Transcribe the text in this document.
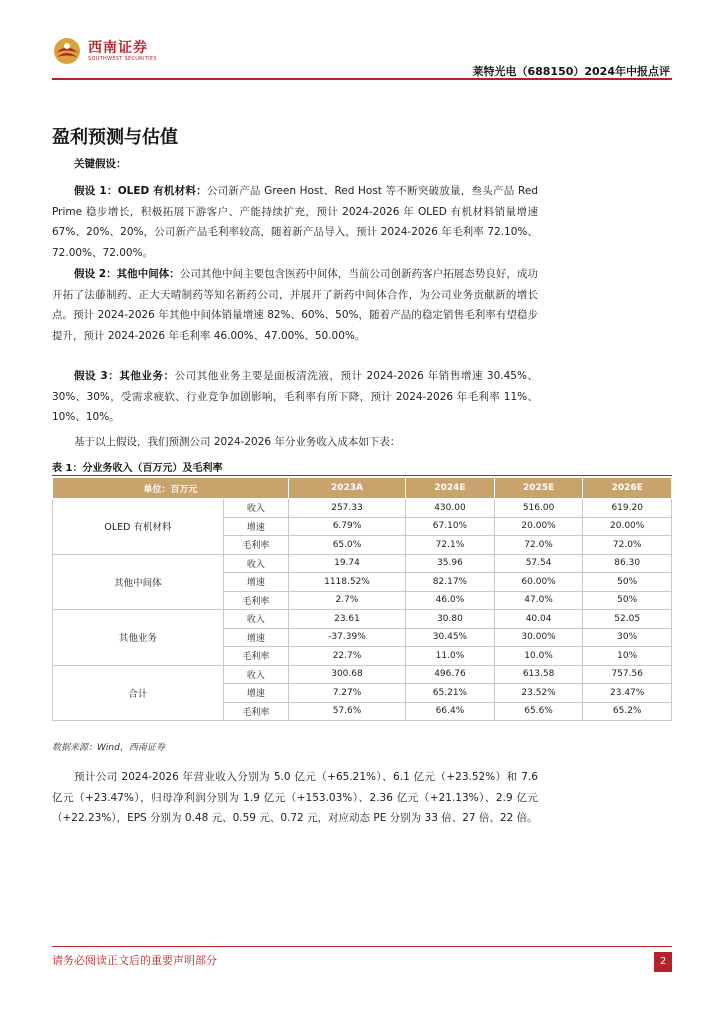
西南证券
SOUTHWEST SECURITIES
莱特光电（688150）2024年中报点评
盈利预测与估值
关键假设：
假设 1：OLED 有机材料：公司新产品 Green Host、Red Host 等不断突破放量，叁头产品 Red Prime 稳步增长，积极拓展下游客户、产能持续扩充，预计 2024-2026 年 OLED 有机材料销量增速 67%、20%、20%，公司新产品毛利率较高，随着新产品导入，预计 2024-2026 年毛利率 72.10%、72.00%、72.00%。
假设 2：其他中间体：公司其他中间主要包含医药中间体，当前公司创新药客户拓展态势良好，成功开拓了法藤制药、正大天晴制药等知名新药公司，并展开了新药中间体合作，为公司业务贡献新的增长点。预计 2024-2026 年其他中间体销量增速 82%、60%、50%，随着产品的稳定销售毛利率有望稳步提升，预计 2024-2026 年毛利率 46.00%、47.00%、50.00%。
假设 3：其他业务：公司其他业务主要是面板清洗液，预计 2024-2026 年销售增速 30.45%、30%、30%，受需求疲软、行业竞争加剧影响，毛利率有所下降，预计 2024-2026 年毛利率 11%、10%、10%。
基于以上假设，我们预测公司 2024-2026 年分业务收入成本如下表：
表 1：分业务收入（百万元）及毛利率
单位：百万元		2023A	2024E	2025E	2026E
OLED 有机材料	收入	257.33	430.00	516.00	619.20
	增速	6.79%	67.10%	20.00%	20.00%
	毛利率	65.0%	72.1%	72.0%	72.0%
其他中间体	收入	19.74	35.96	57.54	86.30
	增速	1118.52%	82.17%	60.00%	50%
	毛利率	2.7%	46.0%	47.0%	50%
其他业务	收入	23.61	30.80	40.04	52.05
	增速	-37.39%	30.45%	30.00%	30%
	毛利率	22.7%	11.0%	10.0%	10%
合计	收入	300.68	496.76	613.58	757.56
	增速	7.27%	65.21%	23.52%	23.47%
	毛利率	57.6%	66.4%	65.6%	65.2%
数据来源：Wind，西南证券
预计公司 2024-2026 年营业收入分别为 5.0 亿元（+65.21%）、6.1 亿元（+23.52%）和 7.6 亿元（+23.47%），归母净利润分别为 1.9 亿元（+153.03%）、2.36 亿元（+21.13%）、2.9 亿元（+22.23%），EPS 分别为 0.48 元、0.59 元、0.72 元，对应动态 PE 分别为 33 倍、27 倍、22 倍。
请务必阅读正文后的重要声明部分	2
